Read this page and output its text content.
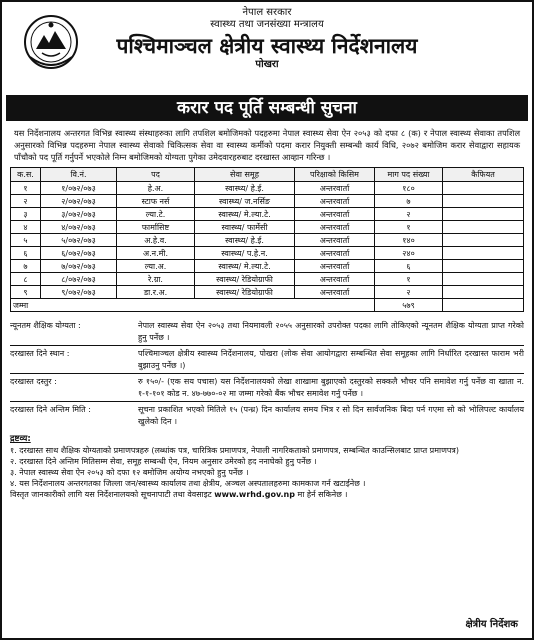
नेपाल सरकार
स्वास्थ्य तथा जनसंख्या मन्त्रालय
पश्चिमाञ्चल क्षेत्रीय स्वास्थ्य निर्देशनालय
पोखरा
करार पद पूर्ति सम्बन्धी सुचना
यस निर्देशनालय अन्तरगत विभिन्न स्वास्थ्य संस्थाहरुका लागि तपशिल बमोजिमको पदहरुमा नेपाल स्वास्थ्य सेवा ऐन २०५३ को दफा ८ (क) र नेपाल स्वास्थ्य सेवाका तपशिल अनुसारको विभिन्न पदहरुमा नेपाल स्वास्थ्य सेवाको चिकित्सक सेवा वा स्वास्थ्य कर्मीको पदमा करार नियुक्ती सम्बन्धी कार्य विधि, २०७२ बमोजिम करार सेवाद्वारा सहायक पाँचौको पद पूर्ति गर्नुपर्ने भएकोले निम्न बमोजिमको योग्यता पुगेका उमेदवारहरुबाट दरखास्त आव्हान गरिन्छ ।
क.स.	वि.नं.	पद	सेवा समूह	परिक्षाको किसिम	माग पद संख्या	कैफियत
१	१/०७२/०७३	हे.अ.	स्वास्थ्य/ हे.ई.	अन्तरवार्ता	१८०	
२	२/०७२/०७३	स्टाफ नर्स	स्वास्थ्य/ ज.नर्सिङ	अन्तरवार्ता	७	
३	३/०७२/०७३	ल्या.टे.	स्वास्थ्य/ मे.ल्या.टे.	अन्तरवार्ता	२	
४	४/०७२/०७३	फार्मासिष्ट	स्वास्थ्य/ फार्मेसी	अन्तरवार्ता	१	
५	५/०७२/०७३	अ.हे.व.	स्वास्थ्य/ हे.ई.	अन्तरवार्ता	१४०	
६	६/०७२/०७३	अ.न.मी.	स्वास्थ्य/ प.हे.न.	अन्तरवार्ता	२४०	
७	७/०७२/०७३	ल्या.अ.	स्वास्थ्य/ मे.ल्या.टे.	अन्तरवार्ता	६	
८	८/०७२/०७३	रे.ग्रा.	स्वास्थ्य/ रेडियोग्राफी	अन्तरवार्ता	१	
९	९/०७२/०७३	डा.र.अ.	स्वास्थ्य/ रेडियोग्राफी	अन्तरवार्ता	२	
जम्मा					५७९	
न्यूनतम शैक्षिक योग्यता :	नेपाल स्वास्थ्य सेवा ऐन २०५३ तथा नियमावली २०५५ अनुसारको उपरोक्त पदका लागि तोकिएको न्यूनतम शैक्षिक योग्यता प्राप्त गरेको हुनु पर्नेछ ।
दरखास्त दिने स्थान :	पश्चिमाञ्चल क्षेत्रीय स्वास्थ्य निर्देशनालय, पोखरा (लोक सेवा आयोगद्वारा सम्बन्धित सेवा समूहका लागि निर्धारित दरखास्त फाराम भरी बुझाउनु पर्नेछ ।)
दरखास्त दस्तुर :	रु १५०/- (एक सय पचास) यस निर्देशनालयको लेखा शाखामा बुझाएको दस्तुरको सक्कलै भौचर पनि समावेश गर्नु पर्नेछ वा खाता न. १-१-१०१ कोड न. ४७-७७०-०२ मा जम्मा गरेको बैंक भौचर समावेश गर्नु पर्नेछ ।
दरखास्त दिने अन्तिम मिति :	सूचना प्रकाशित भएको मितिले १५ (पन्ध्र) दिन कार्यालय समय भित्र र सो दिन सार्वजनिक बिदा पर्न गएमा सो को भोलिपल्ट कार्यालय खुलेको दिन ।
द्रष्टव्य:
१. दरखास्त साथ शैक्षिक योग्यताको प्रमाणपत्रहरु (लब्धांक पत्र, चारित्रिक प्रमाणपत्र, नेपाली नागरिकताको प्रमाणपत्र, सम्बन्धित काउन्सिलबाट प्राप्त प्रमाणपत्र)
२. दरखास्त दिने अन्तिम मितिसम्म सेवा, समूह सम्बन्धी ऐन, नियम अनुसार उमेरको हद ननाघेको हुनु पर्नेछ ।
३. नेपाल स्वास्थ्य सेवा ऐन २०५३ को दफा १२ बमोजिम अयोग्य नभएको हुनु पर्नेछ ।
४. यस निर्देशनालय अन्तरगतका जिल्ला जन/स्वास्थ्य कार्यालय तथा क्षेत्रीय, अञ्चल अस्पतालहरुमा कामकाज गर्न खटाईनेछ ।
विस्तृत जानकारीको लागि यस निर्देशनालयको सूचनापाटी तथा वेवसाइट www.wrhd.gov.np मा हेर्न सकिनेछ ।
क्षेत्रीय निर्देशक
